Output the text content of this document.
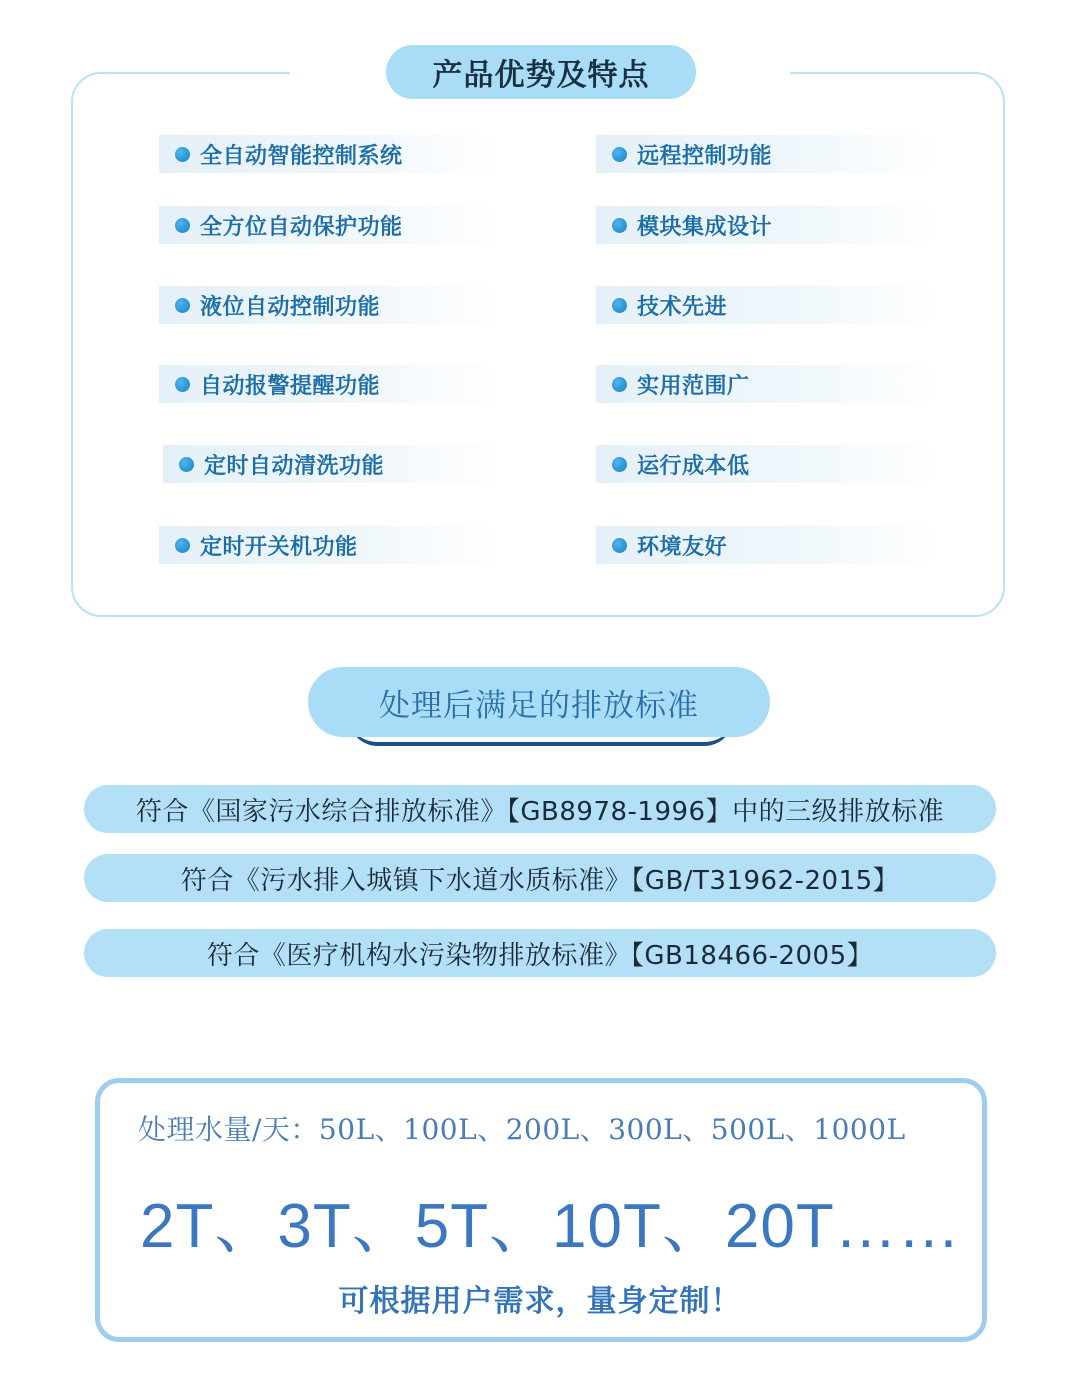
产品优势及特点
全自动智能控制系统
全方位自动保护功能
液位自动控制功能
自动报警提醒功能
定时自动清洗功能
定时开关机功能
远程控制功能
模块集成设计
技术先进
实用范围广
运行成本低
环境友好
处理后满足的排放标准
符合《国家污水综合排放标准》【GB8978-1996】中的三级排放标准
符合《污水排入城镇下水道水质标准》【GB/T31962-2015】
符合《医疗机构水污染物排放标准》【GB18466-2005】
处理水量/天：50L、100L、200L、300L、500L、1000L
2T、3T、5T、10T、20T……
可根据用户需求，量身定制！
